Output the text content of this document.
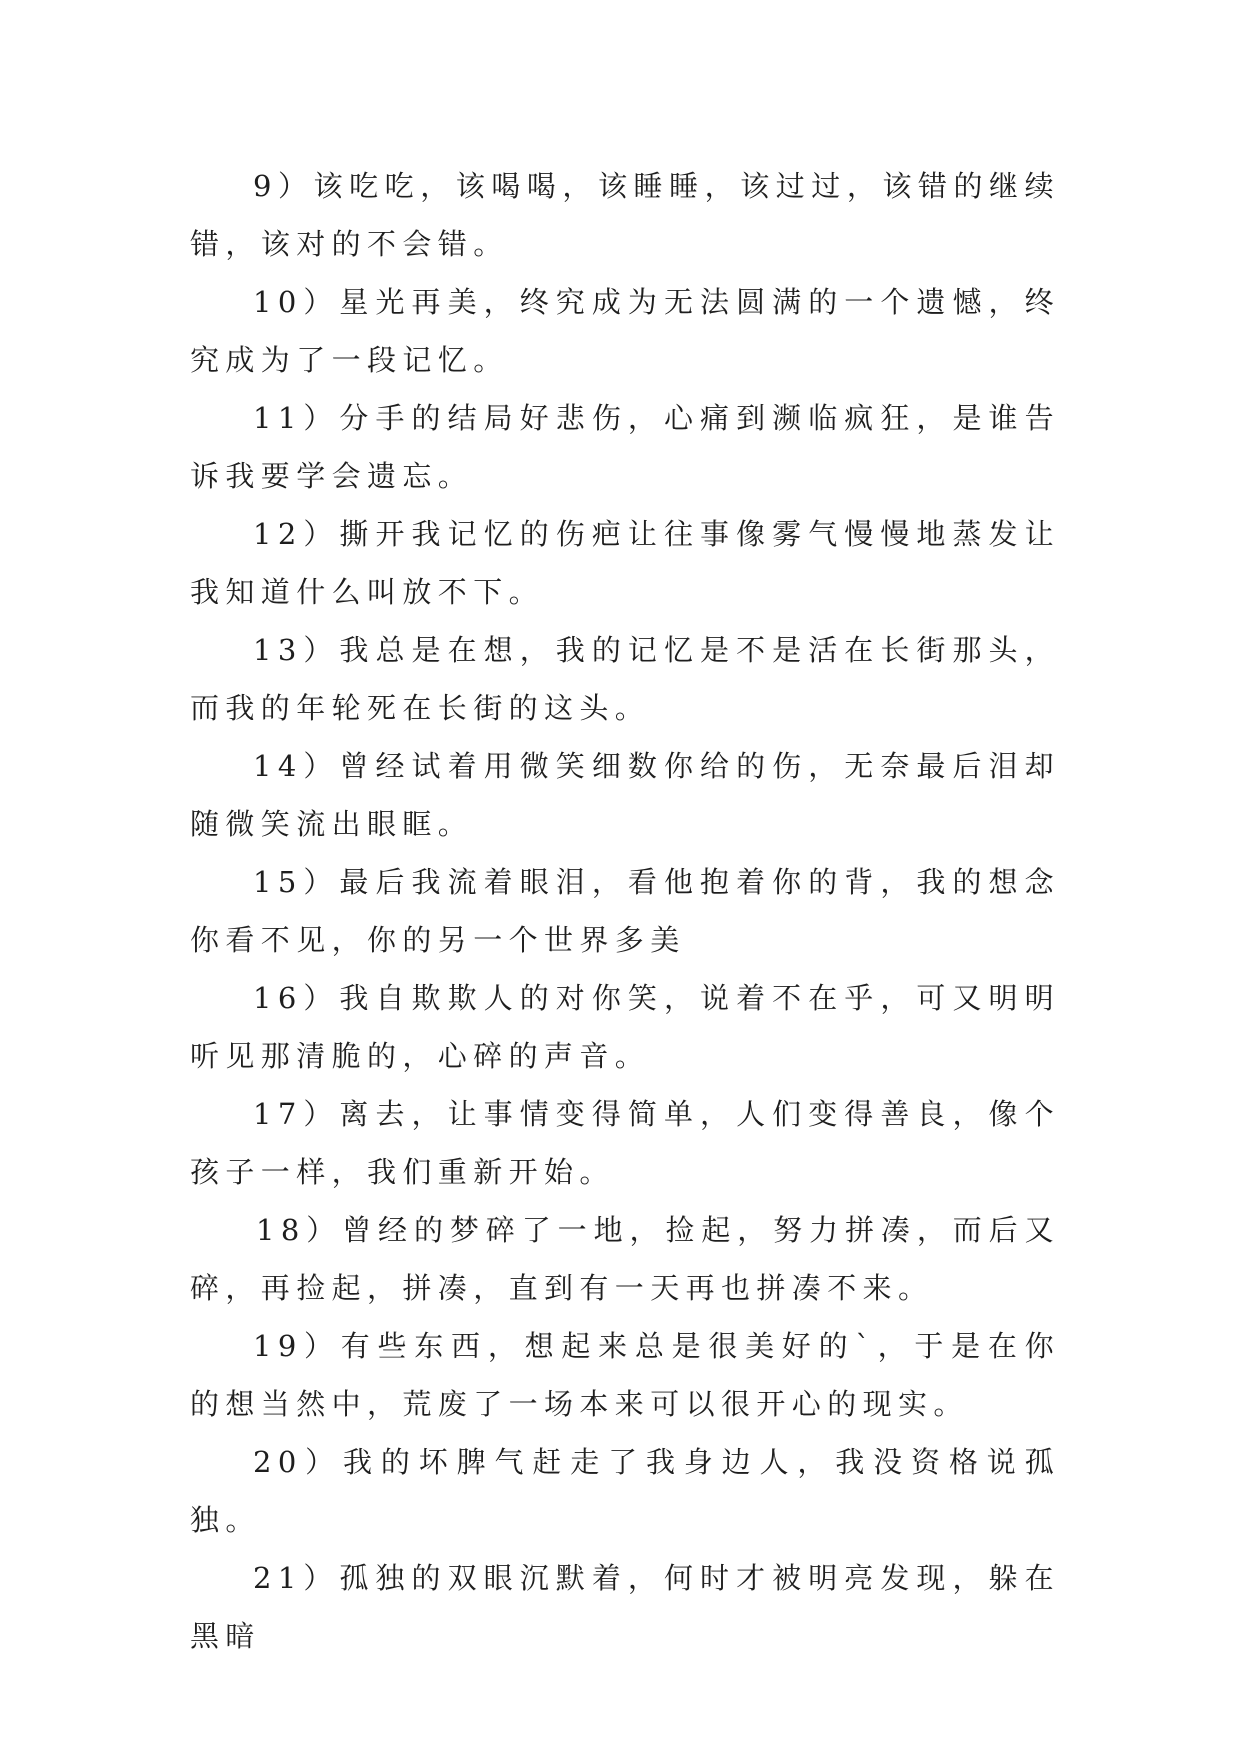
9）该吃吃，该喝喝，该睡睡，该过过，该错的继续错，该对的不会错。

10）星光再美，终究成为无法圆满的一个遗憾，终究成为了一段记忆。

11）分手的结局好悲伤，心痛到濒临疯狂，是谁告诉我要学会遗忘。

12）撕开我记忆的伤疤让往事像雾气慢慢地蒸发让我知道什么叫放不下。

13）我总是在想，我的记忆是不是活在长街那头，而我的年轮死在长街的这头。

14）曾经试着用微笑细数你给的伤，无奈最后泪却随微笑流出眼眶。

15）最后我流着眼泪，看他抱着你的背，我的想念你看不见，你的另一个世界多美

16）我自欺欺人的对你笑，说着不在乎，可又明明听见那清脆的，心碎的声音。

17）离去，让事情变得简单，人们变得善良，像个孩子一样，我们重新开始。

18）曾经的梦碎了一地，捡起，努力拼凑，而后又碎，再捡起，拼凑，直到有一天再也拼凑不来。

19）有些东西，想起来总是很美好的`，于是在你的想当然中，荒废了一场本来可以很开心的现实。

20）我的坏脾气赶走了我身边人，我没资格说孤独。

21）孤独的双眼沉默着，何时才被明亮发现，躲在黑暗
